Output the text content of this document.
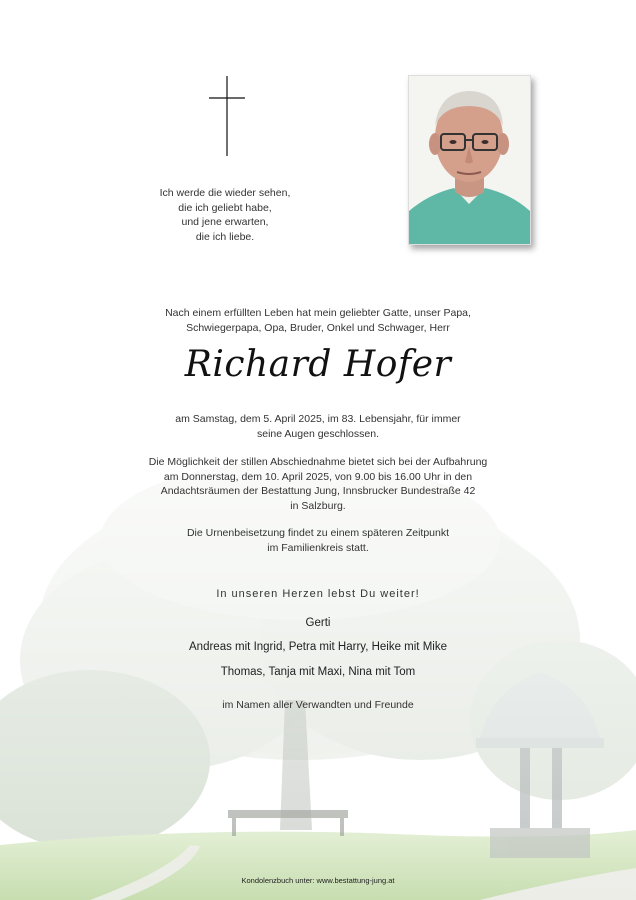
Ich werde die wieder sehen,
die ich geliebt habe,
und jene erwarten,
die ich liebe.
Nach einem erfüllten Leben hat mein geliebter Gatte, unser Papa,
Schwiegerpapa, Opa, Bruder, Onkel und Schwager, Herr
Richard Hofer
am Samstag, dem 5. April 2025, im 83. Lebensjahr, für immer
seine Augen geschlossen.
Die Möglichkeit der stillen Abschiednahme bietet sich bei der Aufbahrung
am Donnerstag, dem 10. April 2025, von 9.00 bis 16.00 Uhr in den
Andachtsräumen der Bestattung Jung, Innsbrucker Bundestraße 42
in Salzburg.
Die Urnenbeisetzung findet zu einem späteren Zeitpunkt
im Familienkreis statt.
In unseren Herzen lebst Du weiter!
Gerti
Andreas mit Ingrid, Petra mit Harry, Heike mit Mike
Thomas, Tanja mit Maxi, Nina mit Tom
im Namen aller Verwandten und Freunde
Kondolenzbuch unter: www.bestattung-jung.at
